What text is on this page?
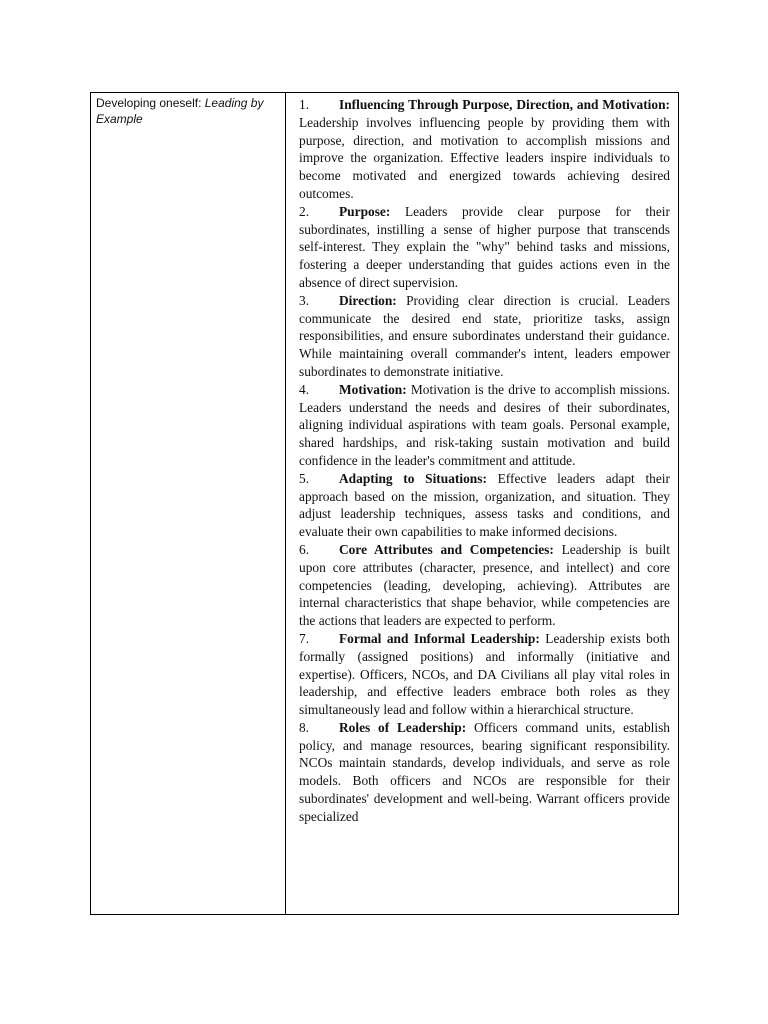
Developing oneself: Leading by Example

1. Influencing Through Purpose, Direction, and Motivation: Leadership involves influencing people by providing them with purpose, direction, and motivation to accomplish missions and improve the organization. Effective leaders inspire individuals to become motivated and energized towards achieving desired outcomes.

2. Purpose: Leaders provide clear purpose for their subordinates, instilling a sense of higher purpose that transcends self-interest. They explain the "why" behind tasks and missions, fostering a deeper understanding that guides actions even in the absence of direct supervision.

3. Direction: Providing clear direction is crucial. Leaders communicate the desired end state, prioritize tasks, assign responsibilities, and ensure subordinates understand their guidance. While maintaining overall commander's intent, leaders empower subordinates to demonstrate initiative.

4. Motivation: Motivation is the drive to accomplish missions. Leaders understand the needs and desires of their subordinates, aligning individual aspirations with team goals. Personal example, shared hardships, and risk-taking sustain motivation and build confidence in the leader's commitment and attitude.

5. Adapting to Situations: Effective leaders adapt their approach based on the mission, organization, and situation. They adjust leadership techniques, assess tasks and conditions, and evaluate their own capabilities to make informed decisions.

6. Core Attributes and Competencies: Leadership is built upon core attributes (character, presence, and intellect) and core competencies (leading, developing, achieving). Attributes are internal characteristics that shape behavior, while competencies are the actions that leaders are expected to perform.

7. Formal and Informal Leadership: Leadership exists both formally (assigned positions) and informally (initiative and expertise). Officers, NCOs, and DA Civilians all play vital roles in leadership, and effective leaders embrace both roles as they simultaneously lead and follow within a hierarchical structure.

8. Roles of Leadership: Officers command units, establish policy, and manage resources, bearing significant responsibility. NCOs maintain standards, develop individuals, and serve as role models. Both officers and NCOs are responsible for their subordinates' development and well-being. Warrant officers provide specialized
